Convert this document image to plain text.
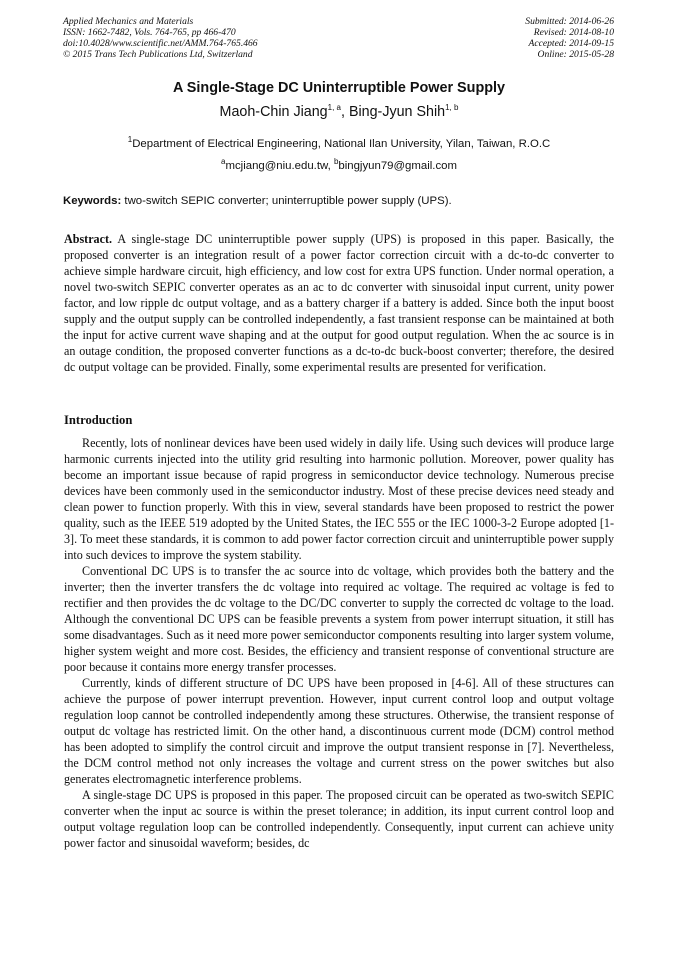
Applied Mechanics and Materials
ISSN: 1662-7482, Vols. 764-765, pp 466-470
doi:10.4028/www.scientific.net/AMM.764-765.466
© 2015 Trans Tech Publications Ltd, Switzerland
Submitted: 2014-06-26
Revised: 2014-08-10
Accepted: 2014-09-15
Online: 2015-05-28
A Single-Stage DC Uninterruptible Power Supply
Maoh-Chin Jiang$^{1, a}$, Bing-Jyun Shih$^{1, b}$
$^1$Department of Electrical Engineering, National Ilan University, Yilan, Taiwan, R.O.C
$^a$mcjiang@niu.edu.tw, $^b$bingjyun79@gmail.com
Keywords: two-switch SEPIC converter; uninterruptible power supply (UPS).

Abstract. A single-stage DC uninterruptible power supply (UPS) is proposed in this paper. Basically, the proposed converter is an integration result of a power factor correction circuit with a dc-to-dc converter to achieve simple hardware circuit, high efficiency, and low cost for extra UPS function. Under normal operation, a novel two-switch SEPIC converter operates as an ac to dc converter with sinusoidal input current, unity power factor, and low ripple dc output voltage, and as a battery charger if a battery is added. Since both the input boost supply and the output supply can be controlled independently, a fast transient response can be maintained at both the input for active current wave shaping and at the output for good output regulation. When the ac source is in an outage condition, the proposed converter functions as a dc-to-dc buck-boost converter; therefore, the desired dc output voltage can be provided. Finally, some experimental results are presented for verification.

Introduction

Recently, lots of nonlinear devices have been used widely in daily life. Using such devices will produce large harmonic currents injected into the utility grid resulting into harmonic pollution. Moreover, power quality has become an important issue because of rapid progress in semiconductor device technology. Numerous precise devices have been commonly used in the semiconductor industry. Most of these precise devices need steady and clean power to function properly. With this in view, several standards have been proposed to restrict the power quality, such as the IEEE 519 adopted by the United States, the IEC 555 or the IEC 1000-3-2 Europe adopted [1-3]. To meet these standards, it is common to add power factor correction circuit and uninterruptible power supply into such devices to improve the system stability.

Conventional DC UPS is to transfer the ac source into dc voltage, which provides both the battery and the inverter; then the inverter transfers the dc voltage into required ac voltage. The required ac voltage is fed to rectifier and then provides the dc voltage to the DC/DC converter to supply the corrected dc voltage to the load. Although the conventional DC UPS can be feasible prevents a system from power interrupt situation, it still has some disadvantages. Such as it need more power semiconductor components resulting into larger system volume, higher system weight and more cost. Besides, the efficiency and transient response of conventional structure are poor because it contains more energy transfer processes.

Currently, kinds of different structure of DC UPS have been proposed in [4-6]. All of these structures can achieve the purpose of power interrupt prevention. However, input current control loop and output voltage regulation loop cannot be controlled independently among these structures. Otherwise, the transient response of output dc voltage has restricted limit. On the other hand, a discontinuous current mode (DCM) control method has been adopted to simplify the control circuit and improve the output transient response in [7]. Nevertheless, the DCM control method not only increases the voltage and current stress on the power switches but also generates electromagnetic interference problems.

A single-stage DC UPS is proposed in this paper. The proposed circuit can be operated as two-switch SEPIC converter when the input ac source is within the preset tolerance; in addition, its input current control loop and output voltage regulation loop can be controlled independently. Consequently, input current can achieve unity power factor and sinusoidal waveform; besides, dc
